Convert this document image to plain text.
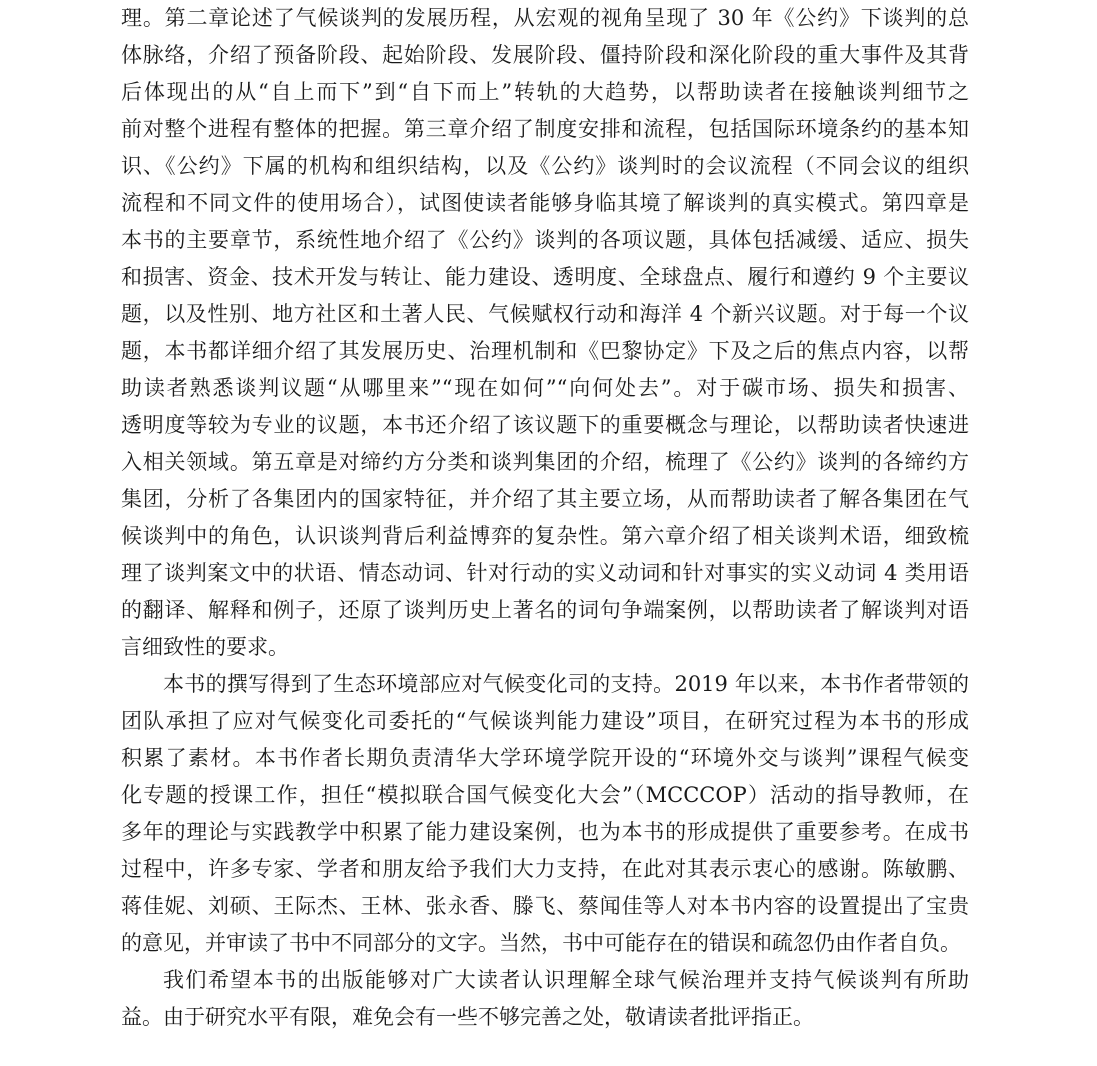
理。第二章论述了气候谈判的发展历程，从宏观的视角呈现了 30 年《公约》下谈判的总
体脉络，介绍了预备阶段、起始阶段、发展阶段、僵持阶段和深化阶段的重大事件及其背
后体现出的从“自上而下”到“自下而上”转轨的大趋势，以帮助读者在接触谈判细节之
前对整个进程有整体的把握。第三章介绍了制度安排和流程，包括国际环境条约的基本知
识、《公约》下属的机构和组织结构，以及《公约》谈判时的会议流程（不同会议的组织
流程和不同文件的使用场合），试图使读者能够身临其境了解谈判的真实模式。第四章是
本书的主要章节，系统性地介绍了《公约》谈判的各项议题，具体包括减缓、适应、损失
和损害、资金、技术开发与转让、能力建设、透明度、全球盘点、履行和遵约 9 个主要议
题，以及性别、地方社区和土著人民、气候赋权行动和海洋 4 个新兴议题。对于每一个议
题，本书都详细介绍了其发展历史、治理机制和《巴黎协定》下及之后的焦点内容，以帮
助读者熟悉谈判议题“从哪里来”“现在如何”“向何处去”。对于碳市场、损失和损害、
透明度等较为专业的议题，本书还介绍了该议题下的重要概念与理论，以帮助读者快速进
入相关领域。第五章是对缔约方分类和谈判集团的介绍，梳理了《公约》谈判的各缔约方
集团，分析了各集团内的国家特征，并介绍了其主要立场，从而帮助读者了解各集团在气
候谈判中的角色，认识谈判背后利益博弈的复杂性。第六章介绍了相关谈判术语，细致梳
理了谈判案文中的状语、情态动词、针对行动的实义动词和针对事实的实义动词 4 类用语
的翻译、解释和例子，还原了谈判历史上著名的词句争端案例，以帮助读者了解谈判对语
言细致性的要求。
本书的撰写得到了生态环境部应对气候变化司的支持。2019 年以来，本书作者带领的
团队承担了应对气候变化司委托的“气候谈判能力建设”项目，在研究过程为本书的形成
积累了素材。本书作者长期负责清华大学环境学院开设的“环境外交与谈判”课程气候变
化专题的授课工作，担任“模拟联合国气候变化大会”（MCCCOP）活动的指导教师，在
多年的理论与实践教学中积累了能力建设案例，也为本书的形成提供了重要参考。在成书
过程中，许多专家、学者和朋友给予我们大力支持，在此对其表示衷心的感谢。陈敏鹏、
蒋佳妮、刘硕、王际杰、王林、张永香、滕飞、蔡闻佳等人对本书内容的设置提出了宝贵
的意见，并审读了书中不同部分的文字。当然，书中可能存在的错误和疏忽仍由作者自负。
我们希望本书的出版能够对广大读者认识理解全球气候治理并支持气候谈判有所助
益。由于研究水平有限，难免会有一些不够完善之处，敬请读者批评指正。
